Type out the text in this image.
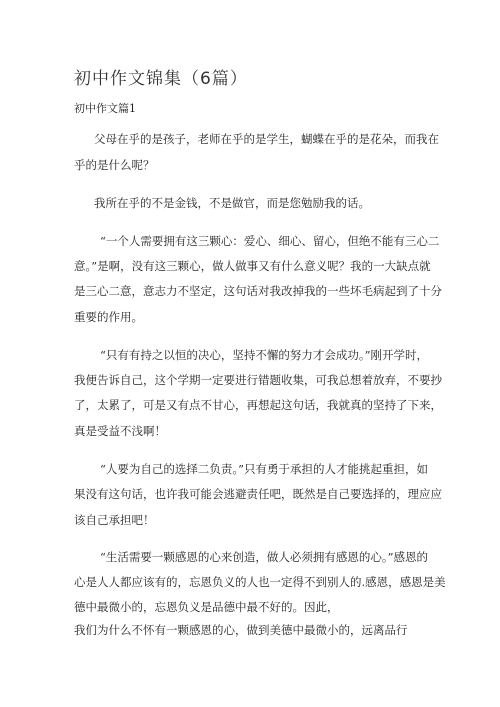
初中作文锦集（6篇）
初中作文篇1
父母在乎的是孩子，老师在乎的是学生，蝴蝶在乎的是花朵，而我在
乎的是什么呢？
我所在乎的不是金钱，不是做官，而是您勉励我的话。
“一个人需要拥有这三颗心：爱心、细心、留心，但绝不能有三心二
意。”是啊，没有这三颗心，做人做事又有什么意义呢？我的一大缺点就
是三心二意，意志力不坚定，这句话对我改掉我的一些坏毛病起到了十分
重要的作用。
“只有有持之以恒的决心，坚持不懈的努力才会成功。”刚开学时，
我便告诉自己，这个学期一定要进行错题收集，可我总想着放弃，不要抄
了，太累了，可是又有点不甘心，再想起这句话，我就真的坚持了下来，
真是受益不浅啊！
“人要为自己的选择二负责。”只有勇于承担的人才能挑起重担，如
果没有这句话，也许我可能会逃避责任吧，既然是自己要选择的，理应应
该自己承担吧！
“生活需要一颗感恩的心来创造，做人必须拥有感恩的心。”感恩的
心是人人都应该有的，忘恩负义的人也一定得不到别人的.感恩，感恩是美
德中最微小的，忘恩负义是品德中最不好的。因此，
我们为什么不怀有一颗感恩的心，做到美德中最微小的，远离品行
